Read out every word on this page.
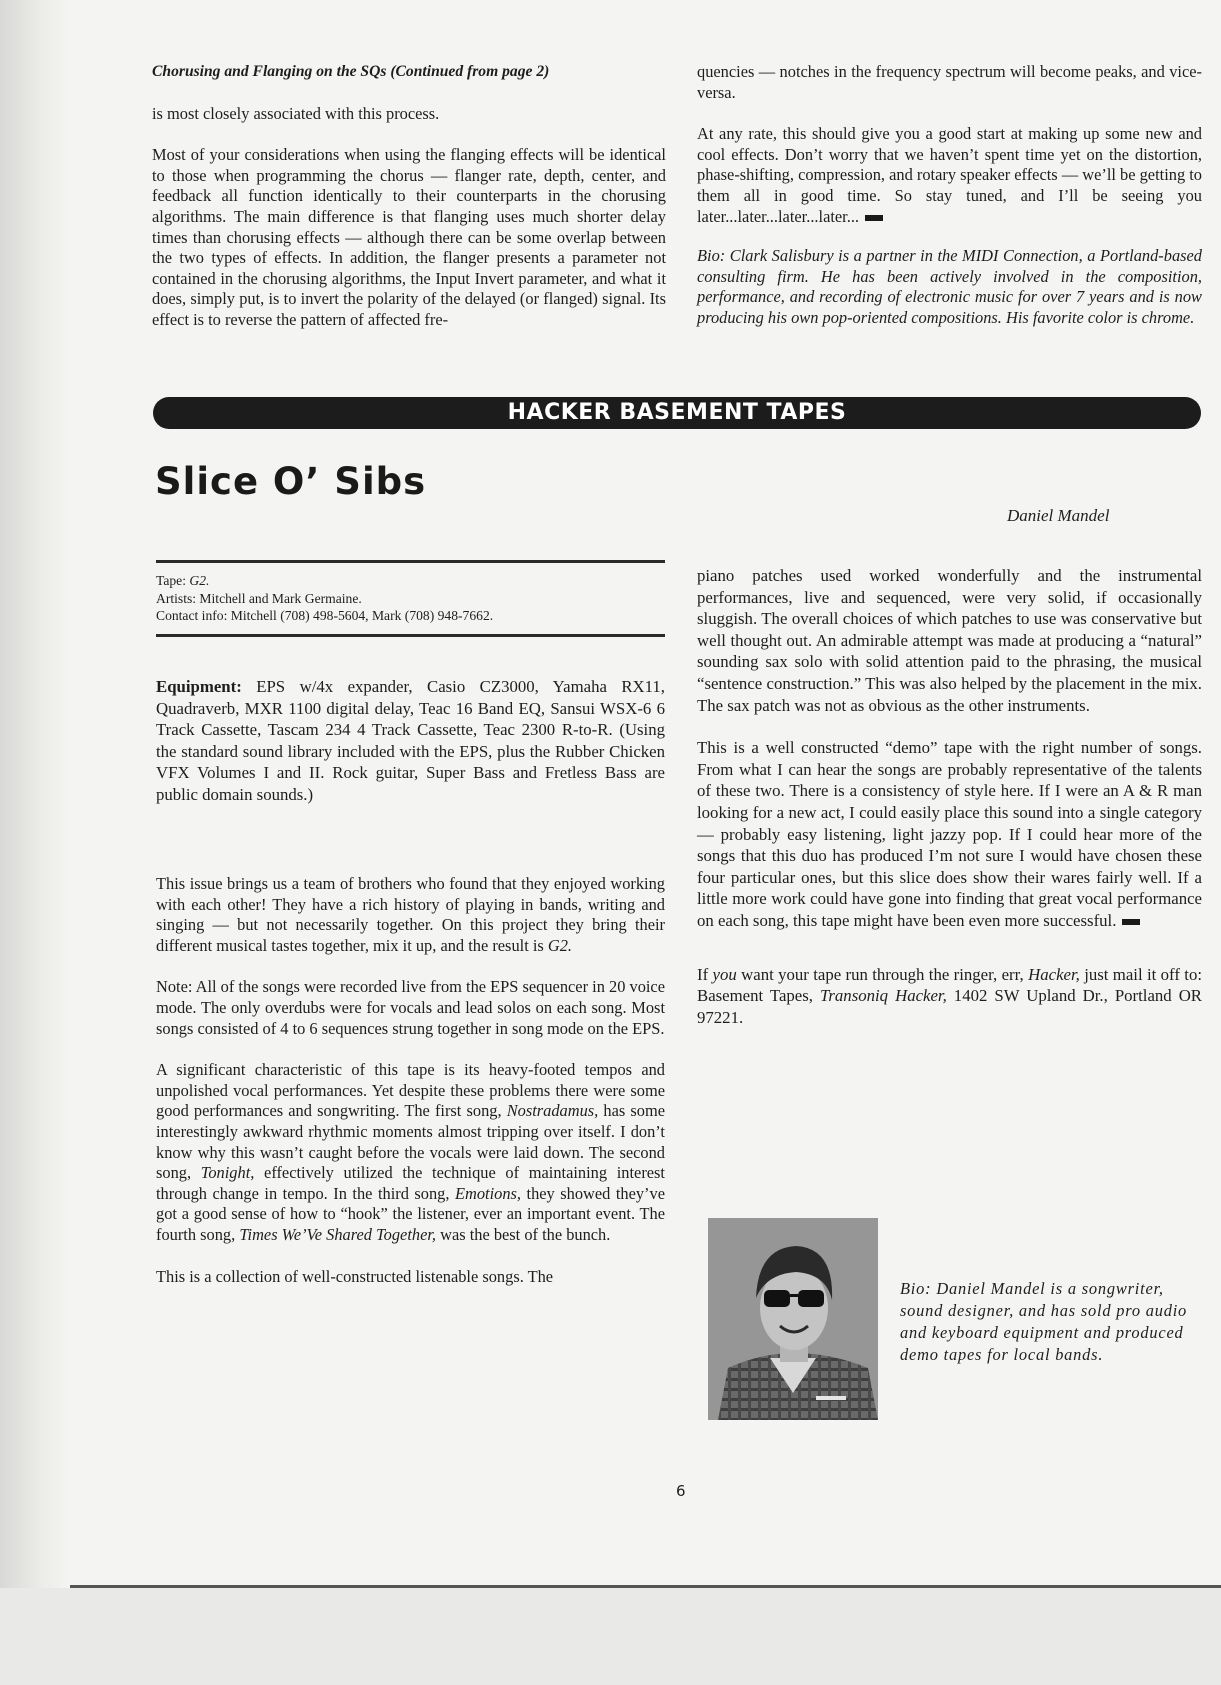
Chorusing and Flanging on the SQs (Continued from page 2)

is most closely associated with this process.

Most of your considerations when using the flanging effects will be identical to those when programming the chorus — flanger rate, depth, center, and feedback all function identically to their counterparts in the chorusing algorithms. The main difference is that flanging uses much shorter delay times than chorusing effects — although there can be some overlap between the two types of effects. In addition, the flanger presents a parameter not contained in the chorusing algorithms, the Input Invert parameter, and what it does, simply put, is to invert the polarity of the delayed (or flanged) signal. Its effect is to reverse the pattern of affected fre-

quencies — notches in the frequency spectrum will become peaks, and vice-versa.

At any rate, this should give you a good start at making up some new and cool effects. Don’t worry that we haven’t spent time yet on the distortion, phase-shifting, compression, and rotary speaker effects — we’ll be getting to them all in good time. So stay tuned, and I’ll be seeing you later...later...later...later...

Bio: Clark Salisbury is a partner in the MIDI Connection, a Portland-based consulting firm. He has been actively involved in the composition, performance, and recording of electronic music for over 7 years and is now producing his own pop-oriented compositions. His favorite color is chrome.

HACKER BASEMENT TAPES
Slice O’ Sibs
Daniel Mandel
Tape: G2.
Artists: Mitchell and Mark Germaine.
Contact info: Mitchell (708) 498-5604, Mark (708) 948-7662.

Equipment: EPS w/4x expander, Casio CZ3000, Yamaha RX11, Quadraverb, MXR 1100 digital delay, Teac 16 Band EQ, Sansui WSX-6 6 Track Cassette, Tascam 234 4 Track Cassette, Teac 2300 R-to-R. (Using the standard sound library included with the EPS, plus the Rubber Chicken VFX Volumes I and II. Rock guitar, Super Bass and Fretless Bass are public domain sounds.)

This issue brings us a team of brothers who found that they enjoyed working with each other! They have a rich history of playing in bands, writing and singing — but not necessarily together. On this project they bring their different musical tastes together, mix it up, and the result is G2.

Note: All of the songs were recorded live from the EPS sequencer in 20 voice mode. The only overdubs were for vocals and lead solos on each song. Most songs consisted of 4 to 6 sequences strung together in song mode on the EPS.

A significant characteristic of this tape is its heavy-footed tempos and unpolished vocal performances. Yet despite these problems there were some good performances and songwriting. The first song, Nostradamus, has some interestingly awkward rhythmic moments almost tripping over itself. I don’t know why this wasn’t caught before the vocals were laid down. The second song, Tonight, effectively utilized the technique of maintaining interest through change in tempo. In the third song, Emotions, they showed they’ve got a good sense of how to “hook” the listener, ever an important event. The fourth song, Times We’Ve Shared Together, was the best of the bunch.

This is a collection of well-constructed listenable songs. The

piano patches used worked wonderfully and the instrumental performances, live and sequenced, were very solid, if occasionally sluggish. The overall choices of which patches to use was conservative but well thought out. An admirable attempt was made at producing a “natural” sounding sax solo with solid attention paid to the phrasing, the musical “sentence construction.” This was also helped by the placement in the mix. The sax patch was not as obvious as the other instruments.

This is a well constructed “demo” tape with the right number of songs. From what I can hear the songs are probably representative of the talents of these two. There is a consistency of style here. If I were an A & R man looking for a new act, I could easily place this sound into a single category — probably easy listening, light jazzy pop. If I could hear more of the songs that this duo has produced I’m not sure I would have chosen these four particular ones, but this slice does show their wares fairly well. If a little more work could have gone into finding that great vocal performance on each song, this tape might have been even more successful.

If you want your tape run through the ringer, err, Hacker, just mail it off to: Basement Tapes, Transoniq Hacker, 1402 SW Upland Dr., Portland OR 97221.

Bio: Daniel Mandel is a songwriter, sound designer, and has sold pro audio and keyboard equipment and produced demo tapes for local bands.
6
